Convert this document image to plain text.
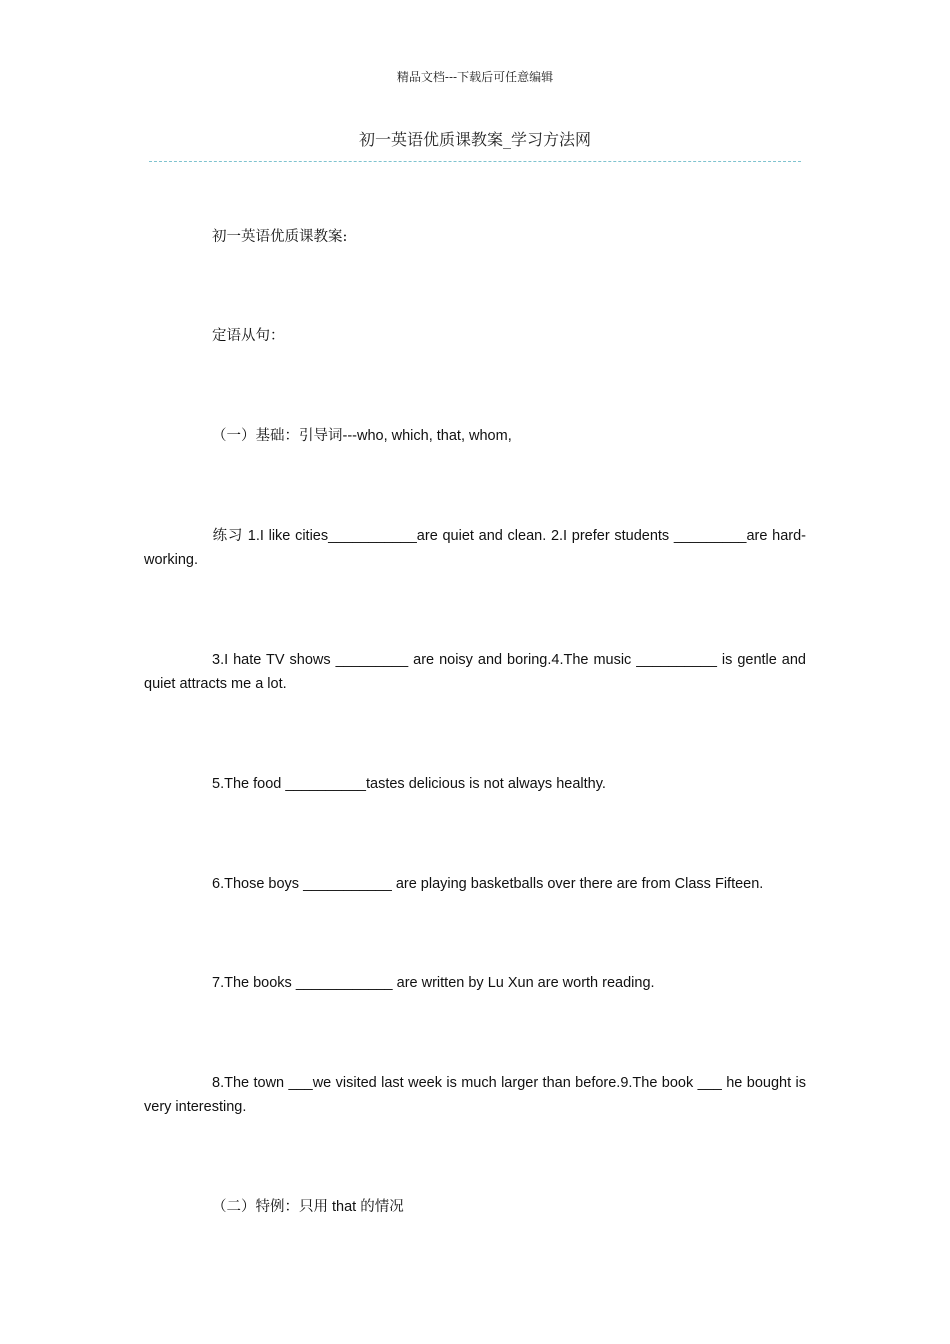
精品文档---下载后可任意编辑
初一英语优质课教案_学习方法网
初一英语优质课教案:
定语从句：
（一）基础：引导词---who, which, that, whom,
练习 1.I like cities___________are quiet and clean. 2.I prefer students _________are hard- working.
3.I hate TV shows _________ are noisy and boring.4.The music __________ is gentle and quiet attracts me a lot.
5.The food __________tastes delicious is not always healthy.
6.Those boys ___________ are playing basketballs over there are from Class Fifteen.
7.The books ____________ are written by Lu Xun are worth reading.
8.The town ___we visited last week is much larger than before.9.The book ___ he bought is very interesting.
（二）特例：只用 that 的情况
